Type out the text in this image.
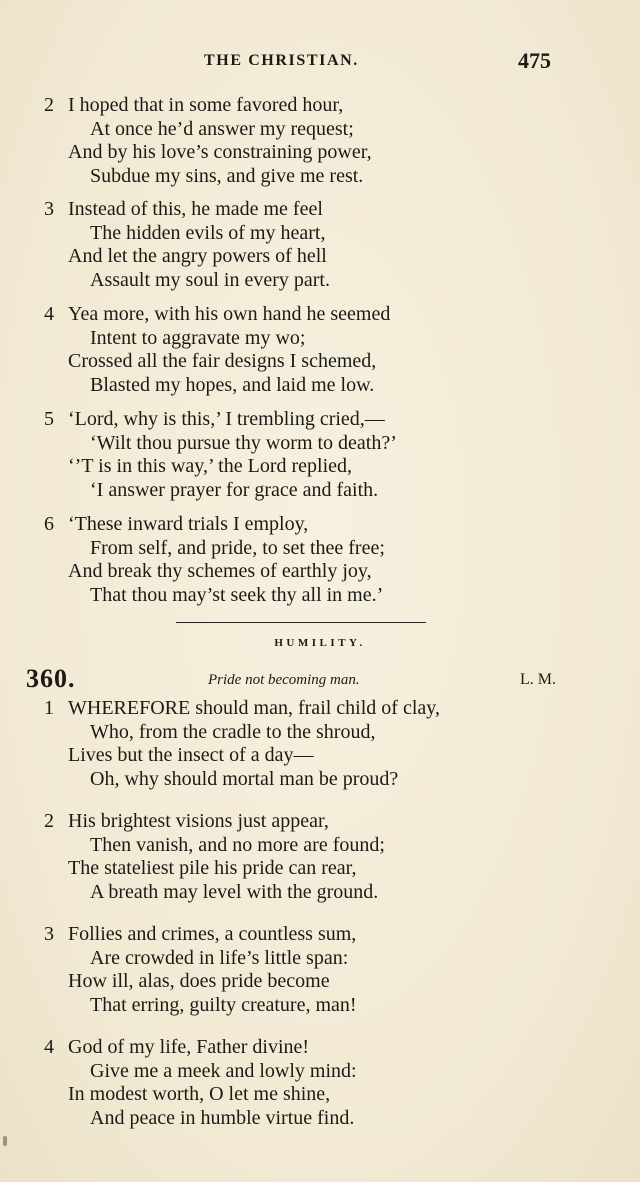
THE CHRISTIAN.	475
2 I hoped that in some favored hour,
At once he’d answer my request;
And by his love’s constraining power,
Subdue my sins, and give me rest.
3 Instead of this, he made me feel
The hidden evils of my heart,
And let the angry powers of hell
Assault my soul in every part.
4 Yea more, with his own hand he seemed
Intent to aggravate my wo;
Crossed all the fair designs I schemed,
Blasted my hopes, and laid me low.
5 ‘Lord, why is this,’ I trembling cried,—
‘Wilt thou pursue thy worm to death?’
‘’T is in this way,’ the Lord replied,
‘I answer prayer for grace and faith.
6 ‘These inward trials I employ,
From self, and pride, to set thee free;
And break thy schemes of earthly joy,
That thou may’st seek thy all in me.’
HUMILITY.
360.	Pride not becoming man.	L. M.
1 WHEREFORE should man, frail child of clay,
Who, from the cradle to the shroud,
Lives but the insect of a day—
Oh, why should mortal man be proud?
2 His brightest visions just appear,
Then vanish, and no more are found;
The stateliest pile his pride can rear,
A breath may level with the ground.
3 Follies and crimes, a countless sum,
Are crowded in life’s little span:
How ill, alas, does pride become
That erring, guilty creature, man!
4 God of my life, Father divine!
Give me a meek and lowly mind:
In modest worth, O let me shine,
And peace in humble virtue find.
